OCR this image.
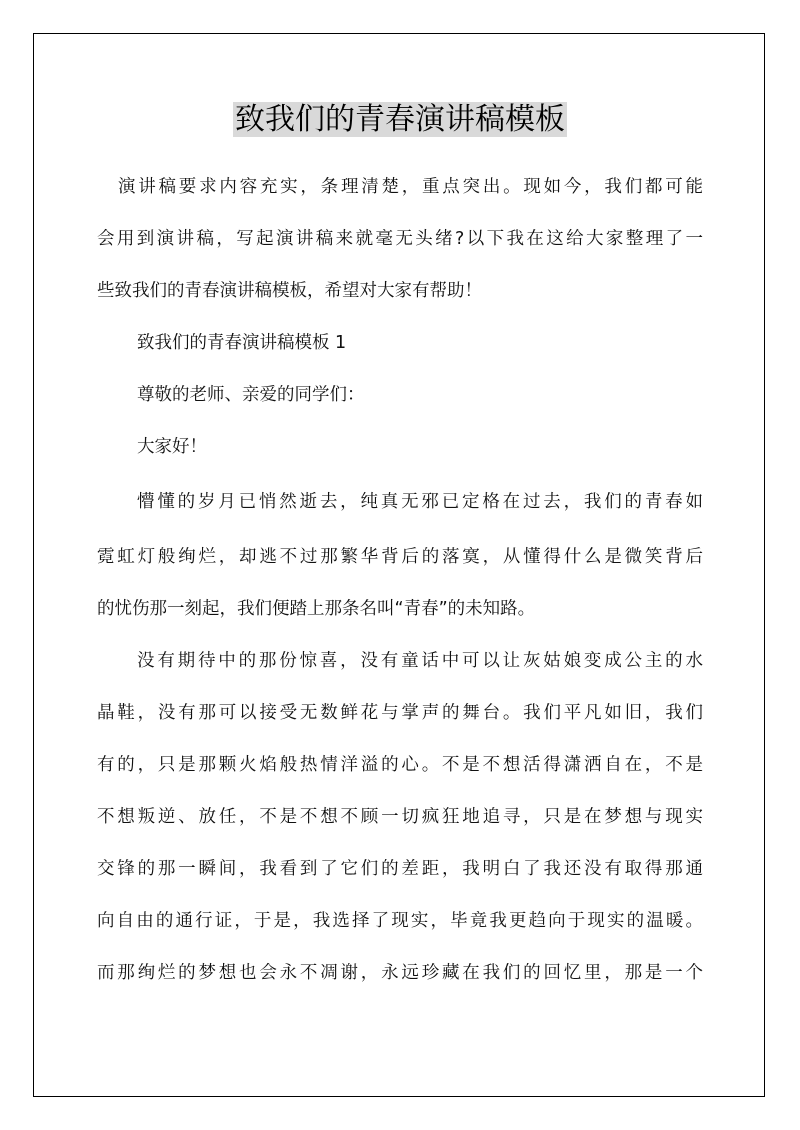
致我们的青春演讲稿模板
演讲稿要求内容充实，条理清楚，重点突出。现如今，我们都可能
会用到演讲稿，写起演讲稿来就毫无头绪?以下我在这给大家整理了一
些致我们的青春演讲稿模板，希望对大家有帮助！
致我们的青春演讲稿模板 1
尊敬的老师、亲爱的同学们：
大家好！
懵懂的岁月已悄然逝去，纯真无邪已定格在过去，我们的青春如
霓虹灯般绚烂，却逃不过那繁华背后的落寞，从懂得什么是微笑背后
的忧伤那一刻起，我们便踏上那条名叫“青春”的未知路。
没有期待中的那份惊喜，没有童话中可以让灰姑娘变成公主的水
晶鞋，没有那可以接受无数鲜花与掌声的舞台。我们平凡如旧，我们
有的，只是那颗火焰般热情洋溢的心。不是不想活得潇洒自在，不是
不想叛逆、放任，不是不想不顾一切疯狂地追寻，只是在梦想与现实
交锋的那一瞬间，我看到了它们的差距，我明白了我还没有取得那通
向自由的通行证，于是，我选择了现实，毕竟我更趋向于现实的温暖。
而那绚烂的梦想也会永不凋谢，永远珍藏在我们的回忆里，那是一个
